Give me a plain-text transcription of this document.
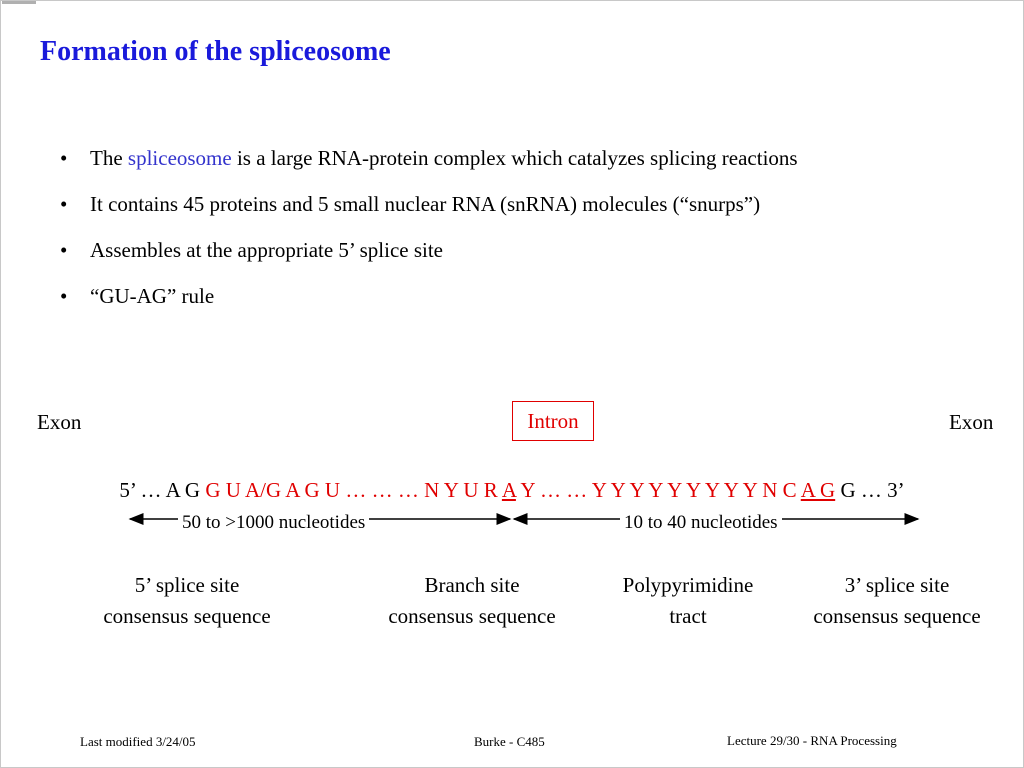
Formation of the spliceosome
• The spliceosome is a large RNA-protein complex which catalyzes splicing reactions
• It contains 45 proteins and 5 small nuclear RNA (snRNA) molecules (“snurps”)
• Assembles at the appropriate 5’ splice site
• “GU-AG” rule
Exon	Intron	Exon
5’ … A G G U A/G A G U … … … N Y U R A Y … … Y Y Y Y Y Y Y Y Y N C A G G … 3’
50 to >1000 nucleotides	10 to 40 nucleotides
5’ splice site
consensus sequence
Branch site
consensus sequence
Polypyrimidine
tract
3’ splice site
consensus sequence
Last modified 3/24/05	Burke - C485	Lecture 29/30 - RNA Processing
